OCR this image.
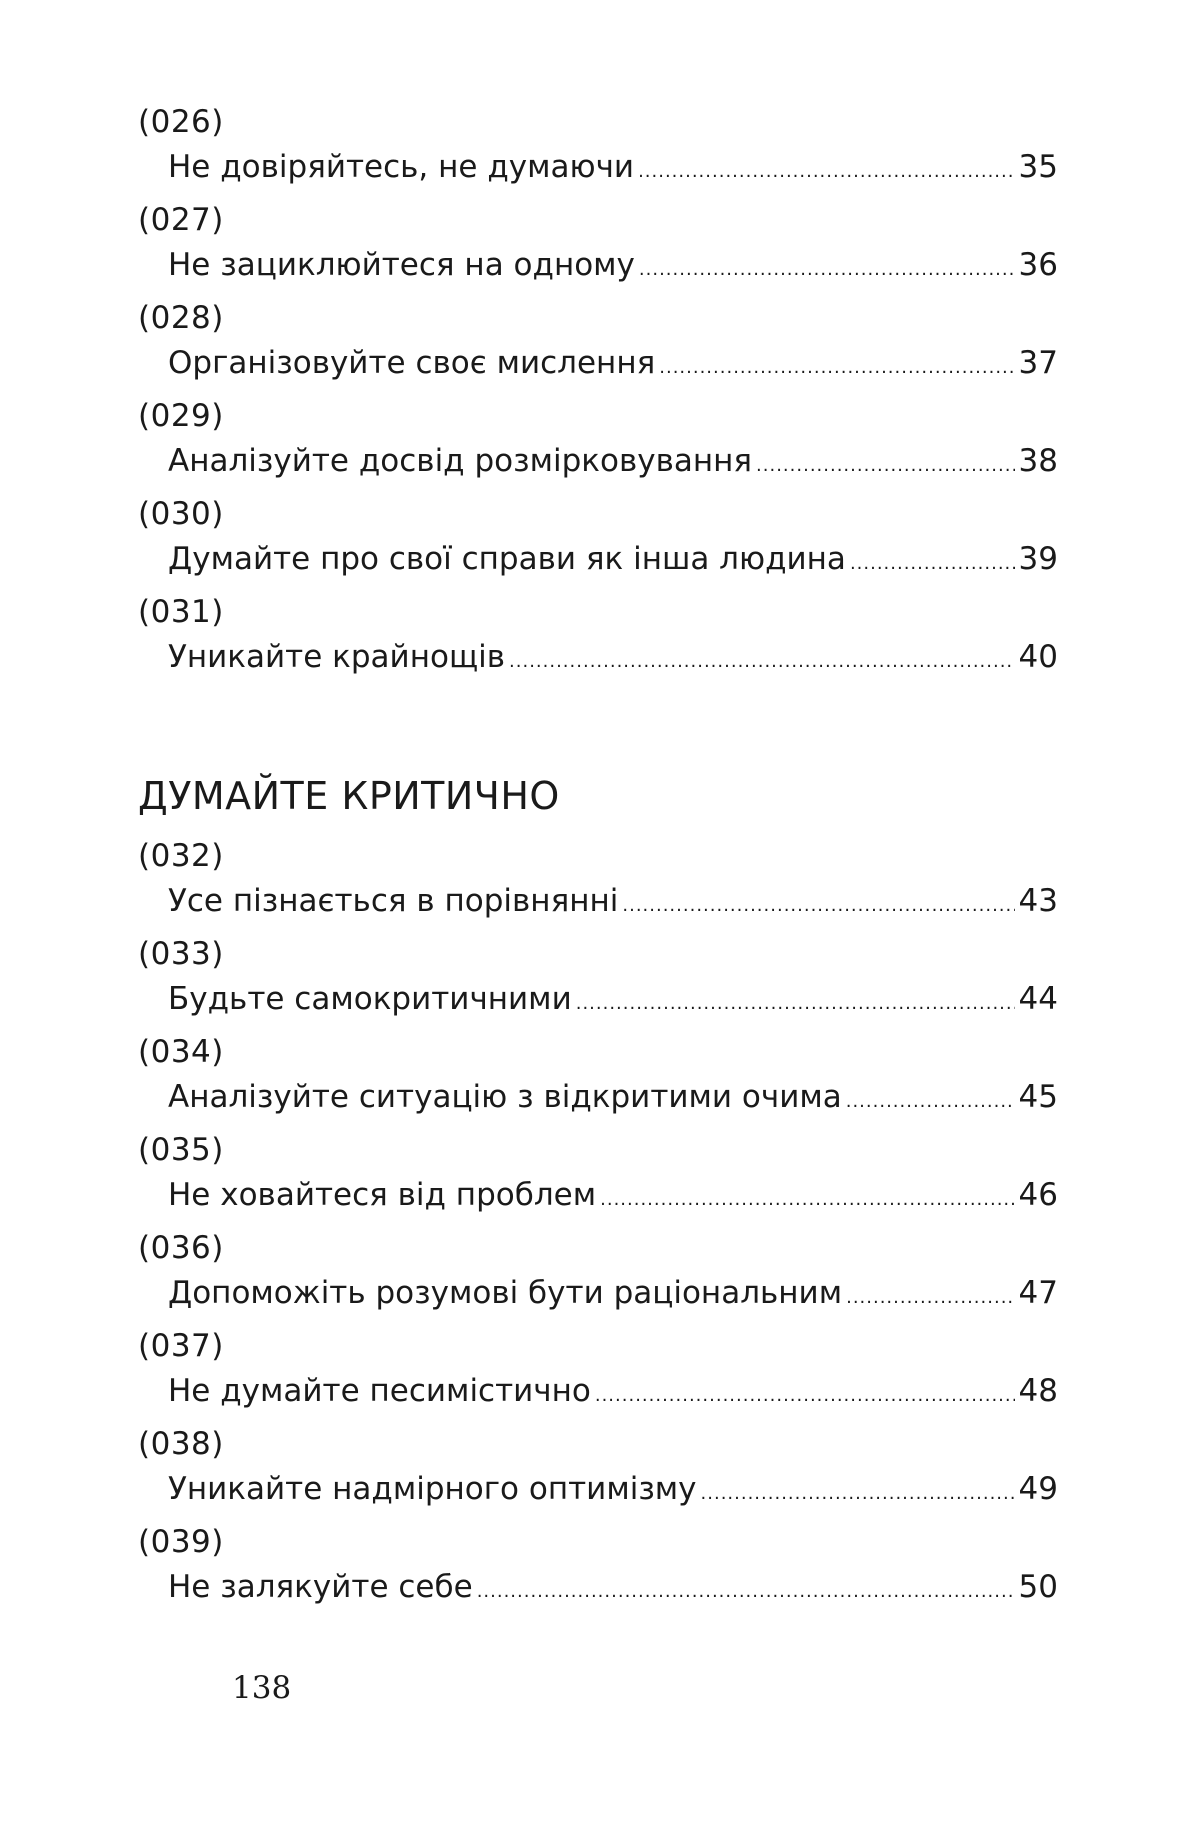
(026)
Не довіряйтесь, не думаючи .....	35
(027)
Не зациклюйтеся на одному .....	36
(028)
Організовуйте своє мислення .....	37
(029)
Аналізуйте досвід розмірковування .....	38
(030)
Думайте про свої справи як інша людина .....	39
(031)
Уникайте крайнощів .....	40
ДУМАЙТЕ КРИТИЧНО
(032)
Усе пізнається в порівнянні .....	43
(033)
Будьте самокритичними .....	44
(034)
Аналізуйте ситуацію з відкритими очима .....	45
(035)
Не ховайтеся від проблем .....	46
(036)
Допоможіть розумові бути раціональним .....	47
(037)
Не думайте песимістично .....	48
(038)
Уникайте надмірного оптимізму .....	49
(039)
Не залякуйте себе .....	50
138
